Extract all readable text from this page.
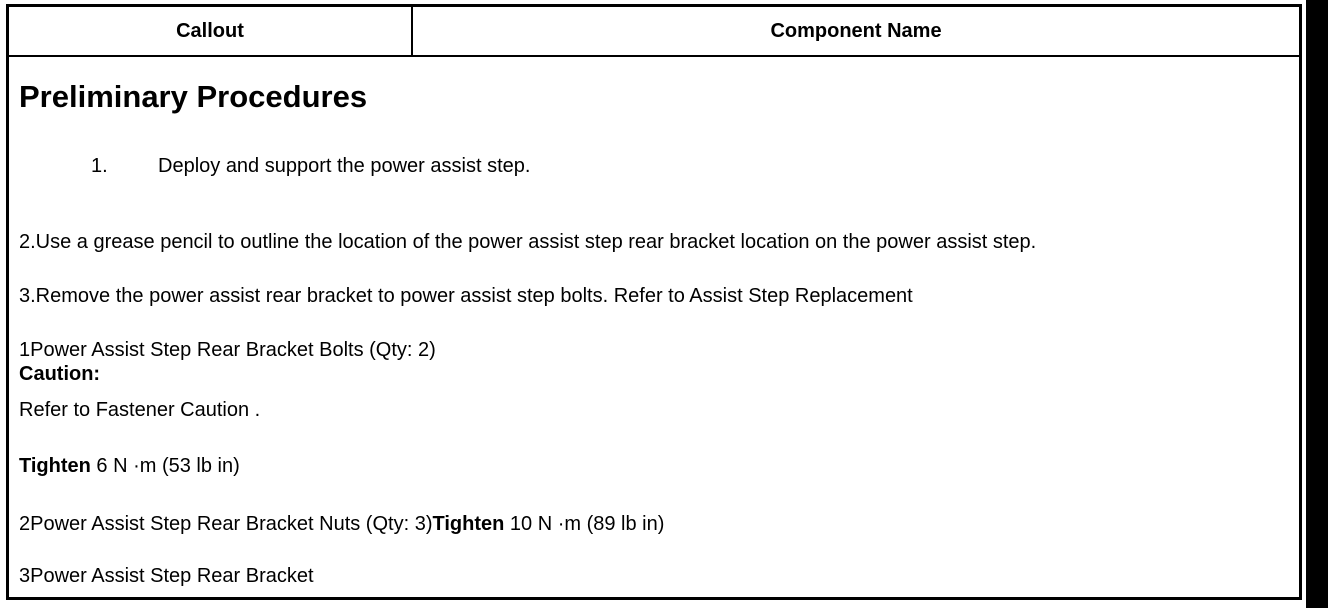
Callout	Component Name
Preliminary Procedures
1.	Deploy and support the power assist step.
2.Use a grease pencil to outline the location of the power assist step rear bracket location on the power assist step.
3.Remove the power assist rear bracket to power assist step bolts. Refer to Assist Step Replacement
1Power Assist Step Rear Bracket Bolts (Qty: 2)
Caution:
Refer to Fastener Caution .
Tighten 6 N ·m (53 lb in)
2Power Assist Step Rear Bracket Nuts (Qty: 3)Tighten 10 N ·m (89 lb in)
3Power Assist Step Rear Bracket
